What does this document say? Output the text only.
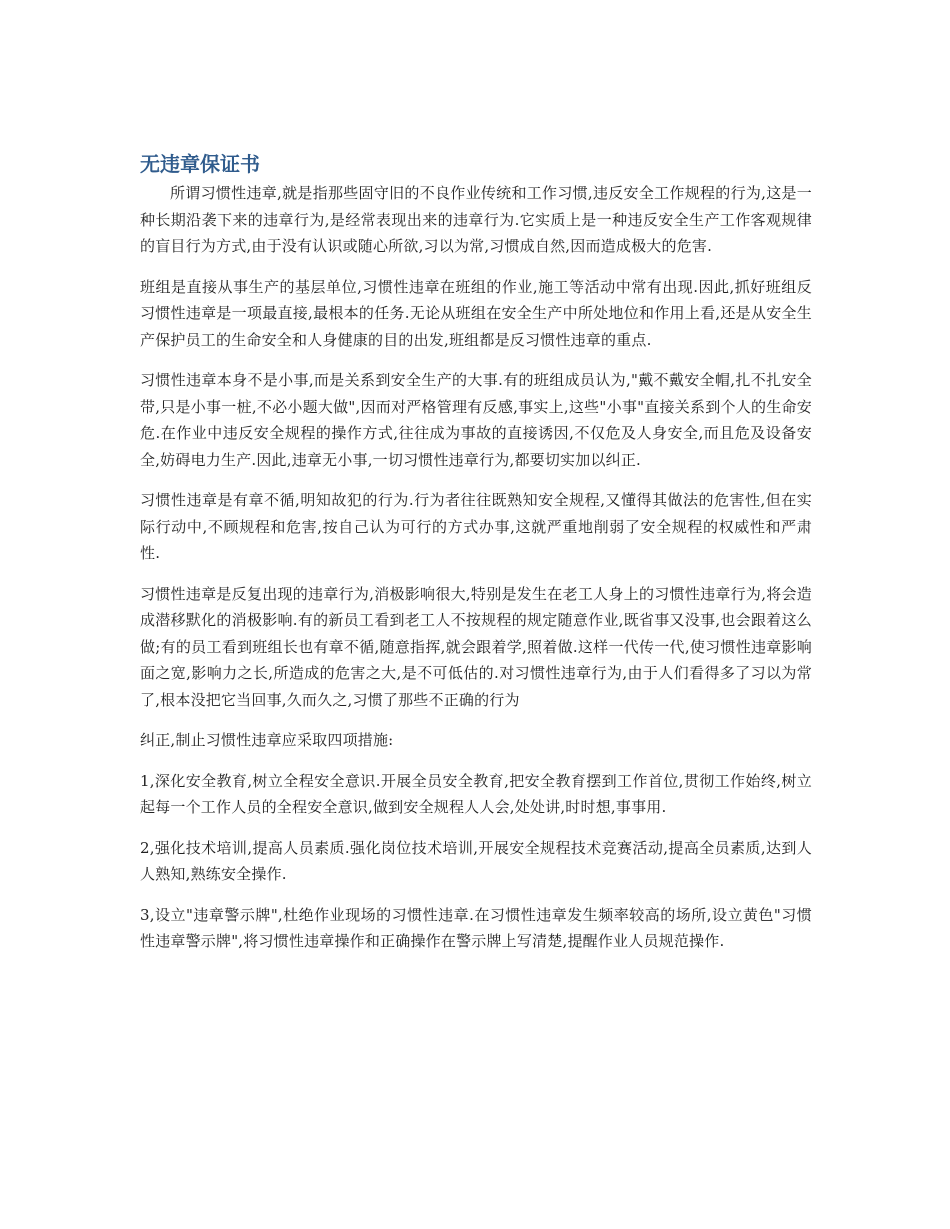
无违章保证书

所谓习惯性违章,就是指那些固守旧的不良作业传统和工作习惯,违反安全工作规程的行为,这是一种长期沿袭下来的违章行为,是经常表现出来的违章行为.它实质上是一种违反安全生产工作客观规律的盲目行为方式,由于没有认识或随心所欲,习以为常,习惯成自然,因而造成极大的危害.

班组是直接从事生产的基层单位,习惯性违章在班组的作业,施工等活动中常有出现.因此,抓好班组反习惯性违章是一项最直接,最根本的任务.无论从班组在安全生产中所处地位和作用上看,还是从安全生产保护员工的生命安全和人身健康的目的出发,班组都是反习惯性违章的重点.

习惯性违章本身不是小事,而是关系到安全生产的大事.有的班组成员认为,"戴不戴安全帽,扎不扎安全带,只是小事一桩,不必小题大做",因而对严格管理有反感,事实上,这些"小事"直接关系到个人的生命安危.在作业中违反安全规程的操作方式,往往成为事故的直接诱因,不仅危及人身安全,而且危及设备安全,妨碍电力生产.因此,违章无小事,一切习惯性违章行为,都要切实加以纠正.

习惯性违章是有章不循,明知故犯的行为.行为者往往既熟知安全规程,又懂得其做法的危害性,但在实际行动中,不顾规程和危害,按自己认为可行的方式办事,这就严重地削弱了安全规程的权威性和严肃性.

习惯性违章是反复出现的违章行为,消极影响很大,特别是发生在老工人身上的习惯性违章行为,将会造成潜移默化的消极影响.有的新员工看到老工人不按规程的规定随意作业,既省事又没事,也会跟着这么做;有的员工看到班组长也有章不循,随意指挥,就会跟着学,照着做.这样一代传一代,使习惯性违章影响面之宽,影响力之长,所造成的危害之大,是不可低估的.对习惯性违章行为,由于人们看得多了习以为常了,根本没把它当回事,久而久之,习惯了那些不正确的行为

纠正,制止习惯性违章应采取四项措施:

1,深化安全教育,树立全程安全意识.开展全员安全教育,把安全教育摆到工作首位,贯彻工作始终,树立起每一个工作人员的全程安全意识,做到安全规程人人会,处处讲,时时想,事事用.

2,强化技术培训,提高人员素质.强化岗位技术培训,开展安全规程技术竞赛活动,提高全员素质,达到人人熟知,熟练安全操作.

3,设立"违章警示牌",杜绝作业现场的习惯性违章.在习惯性违章发生频率较高的场所,设立黄色"习惯性违章警示牌",将习惯性违章操作和正确操作在警示牌上写清楚,提醒作业人员规范操作.
